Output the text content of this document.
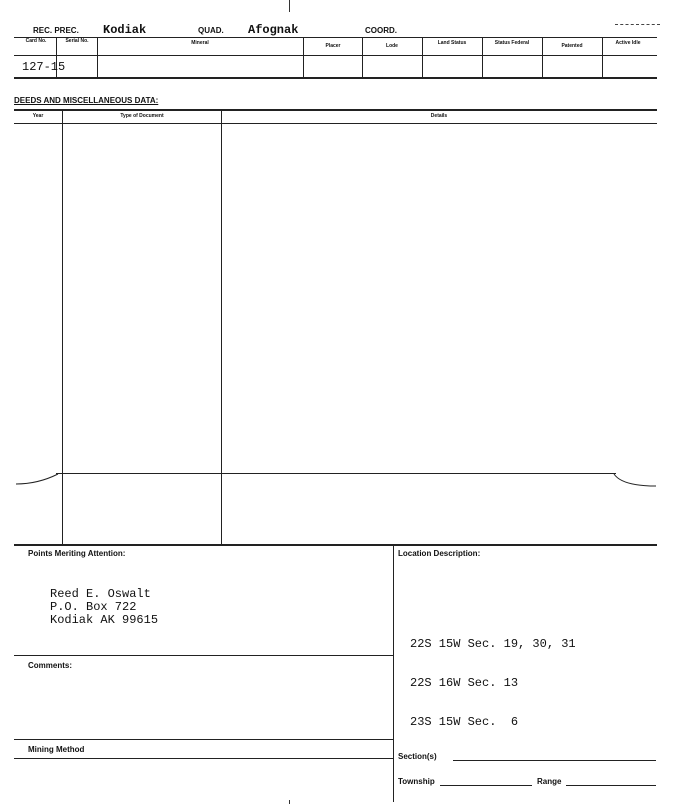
REC. PREC. Kodiak	QUAD. Afognak	COORD.
Card No.	Serial No.	Mineral	Placer	Lode	Land Status	Status Federal	Patented	Active Idle
127-15
DEEDS AND MISCELLANEOUS DATA:
Year	Type of Document	Details
Points Meriting Attention:
Reed E. Oswalt
P.O. Box 722
Kodiak AK 99615
Location Description:

22S 15W Sec. 19, 30, 31

22S 16W Sec. 13

23S 15W Sec.  6

Comments:
Mining Method
Section(s)
Township	Range
